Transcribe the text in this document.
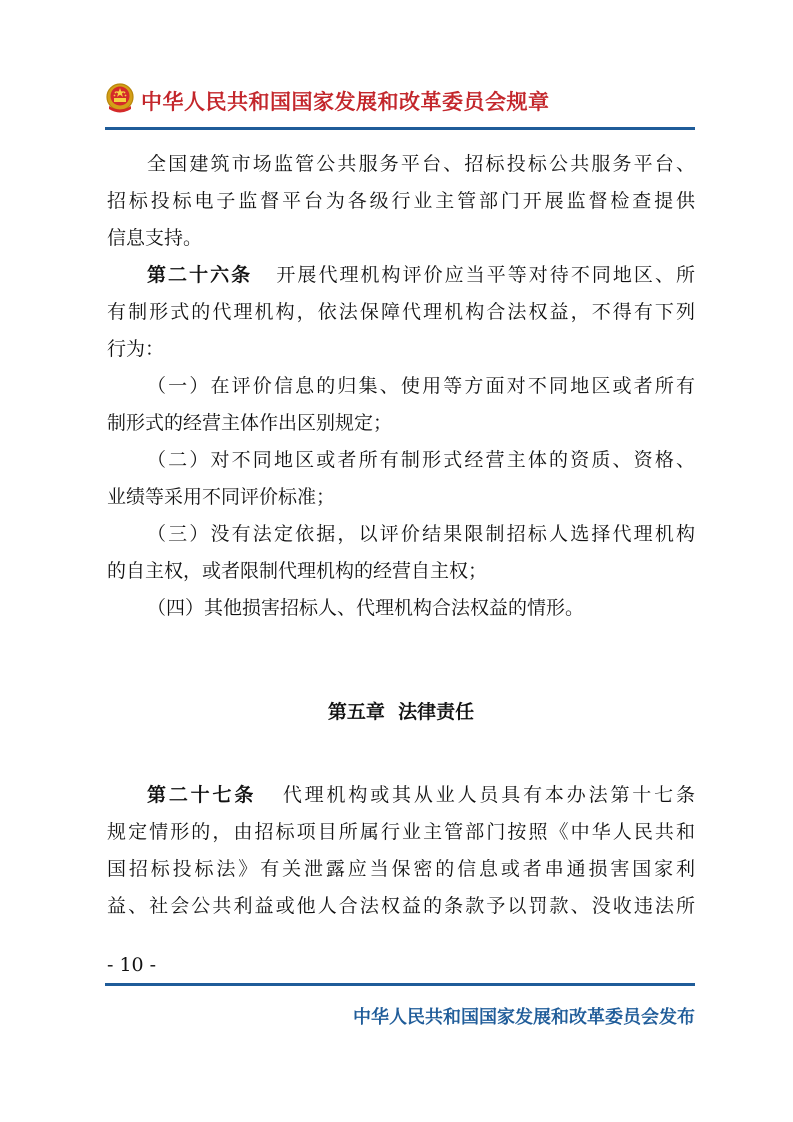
中华人民共和国国家发展和改革委员会规章
全国建筑市场监管公共服务平台、招标投标公共服务平台、
招标投标电子监督平台为各级行业主管部门开展监督检查提供
信息支持。
第二十六条 开展代理机构评价应当平等对待不同地区、所
有制形式的代理机构，依法保障代理机构合法权益，不得有下列
行为：
（一）在评价信息的归集、使用等方面对不同地区或者所有
制形式的经营主体作出区别规定；
（二）对不同地区或者所有制形式经营主体的资质、资格、
业绩等采用不同评价标准；
（三）没有法定依据，以评价结果限制招标人选择代理机构
的自主权，或者限制代理机构的经营自主权；
（四）其他损害招标人、代理机构合法权益的情形。
第五章  法律责任
第二十七条 代理机构或其从业人员具有本办法第十七条
规定情形的，由招标项目所属行业主管部门按照《中华人民共和
国招标投标法》有关泄露应当保密的信息或者串通损害国家利
益、社会公共利益或他人合法权益的条款予以罚款、没收违法所
- 10 -
中华人民共和国国家发展和改革委员会发布
